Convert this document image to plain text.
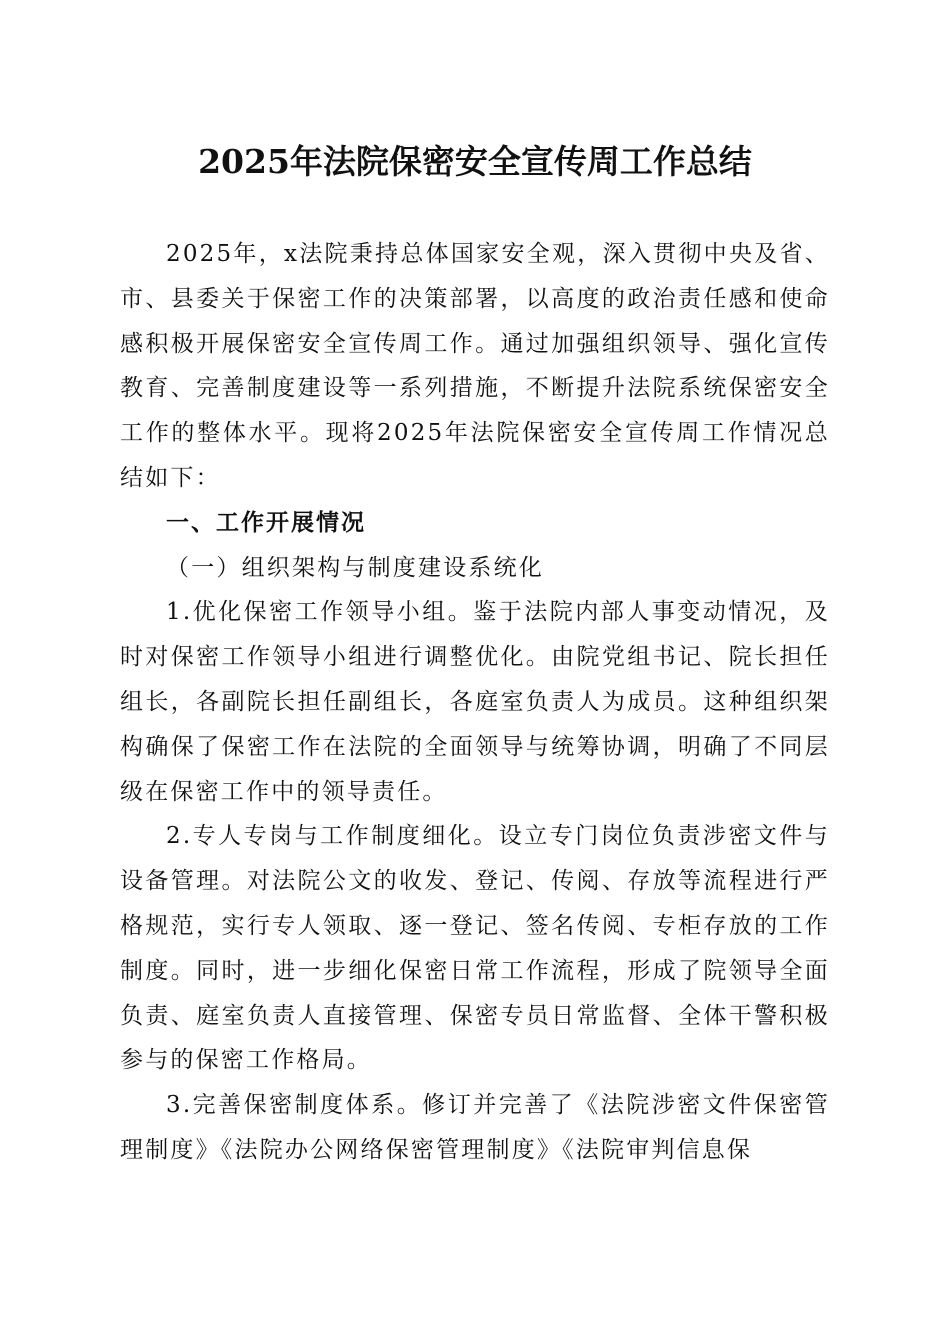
2025年法院保密安全宣传周工作总结

2025年，x法院秉持总体国家安全观，深入贯彻中央及省、市、县委关于保密工作的决策部署，以高度的政治责任感和使命感积极开展保密安全宣传周工作。通过加强组织领导、强化宣传教育、完善制度建设等一系列措施，不断提升法院系统保密安全工作的整体水平。现将2025年法院保密安全宣传周工作情况总结如下：

一、工作开展情况

（一）组织架构与制度建设系统化

1.优化保密工作领导小组。鉴于法院内部人事变动情况，及时对保密工作领导小组进行调整优化。由院党组书记、院长担任组长，各副院长担任副组长，各庭室负责人为成员。这种组织架构确保了保密工作在法院的全面领导与统筹协调，明确了不同层级在保密工作中的领导责任。

2.专人专岗与工作制度细化。设立专门岗位负责涉密文件与设备管理。对法院公文的收发、登记、传阅、存放等流程进行严格规范，实行专人领取、逐一登记、签名传阅、专柜存放的工作制度。同时，进一步细化保密日常工作流程，形成了院领导全面负责、庭室负责人直接管理、保密专员日常监督、全体干警积极参与的保密工作格局。

3.完善保密制度体系。修订并完善了《法院涉密文件保密管理制度》《法院办公网络保密管理制度》《法院审判信息保
